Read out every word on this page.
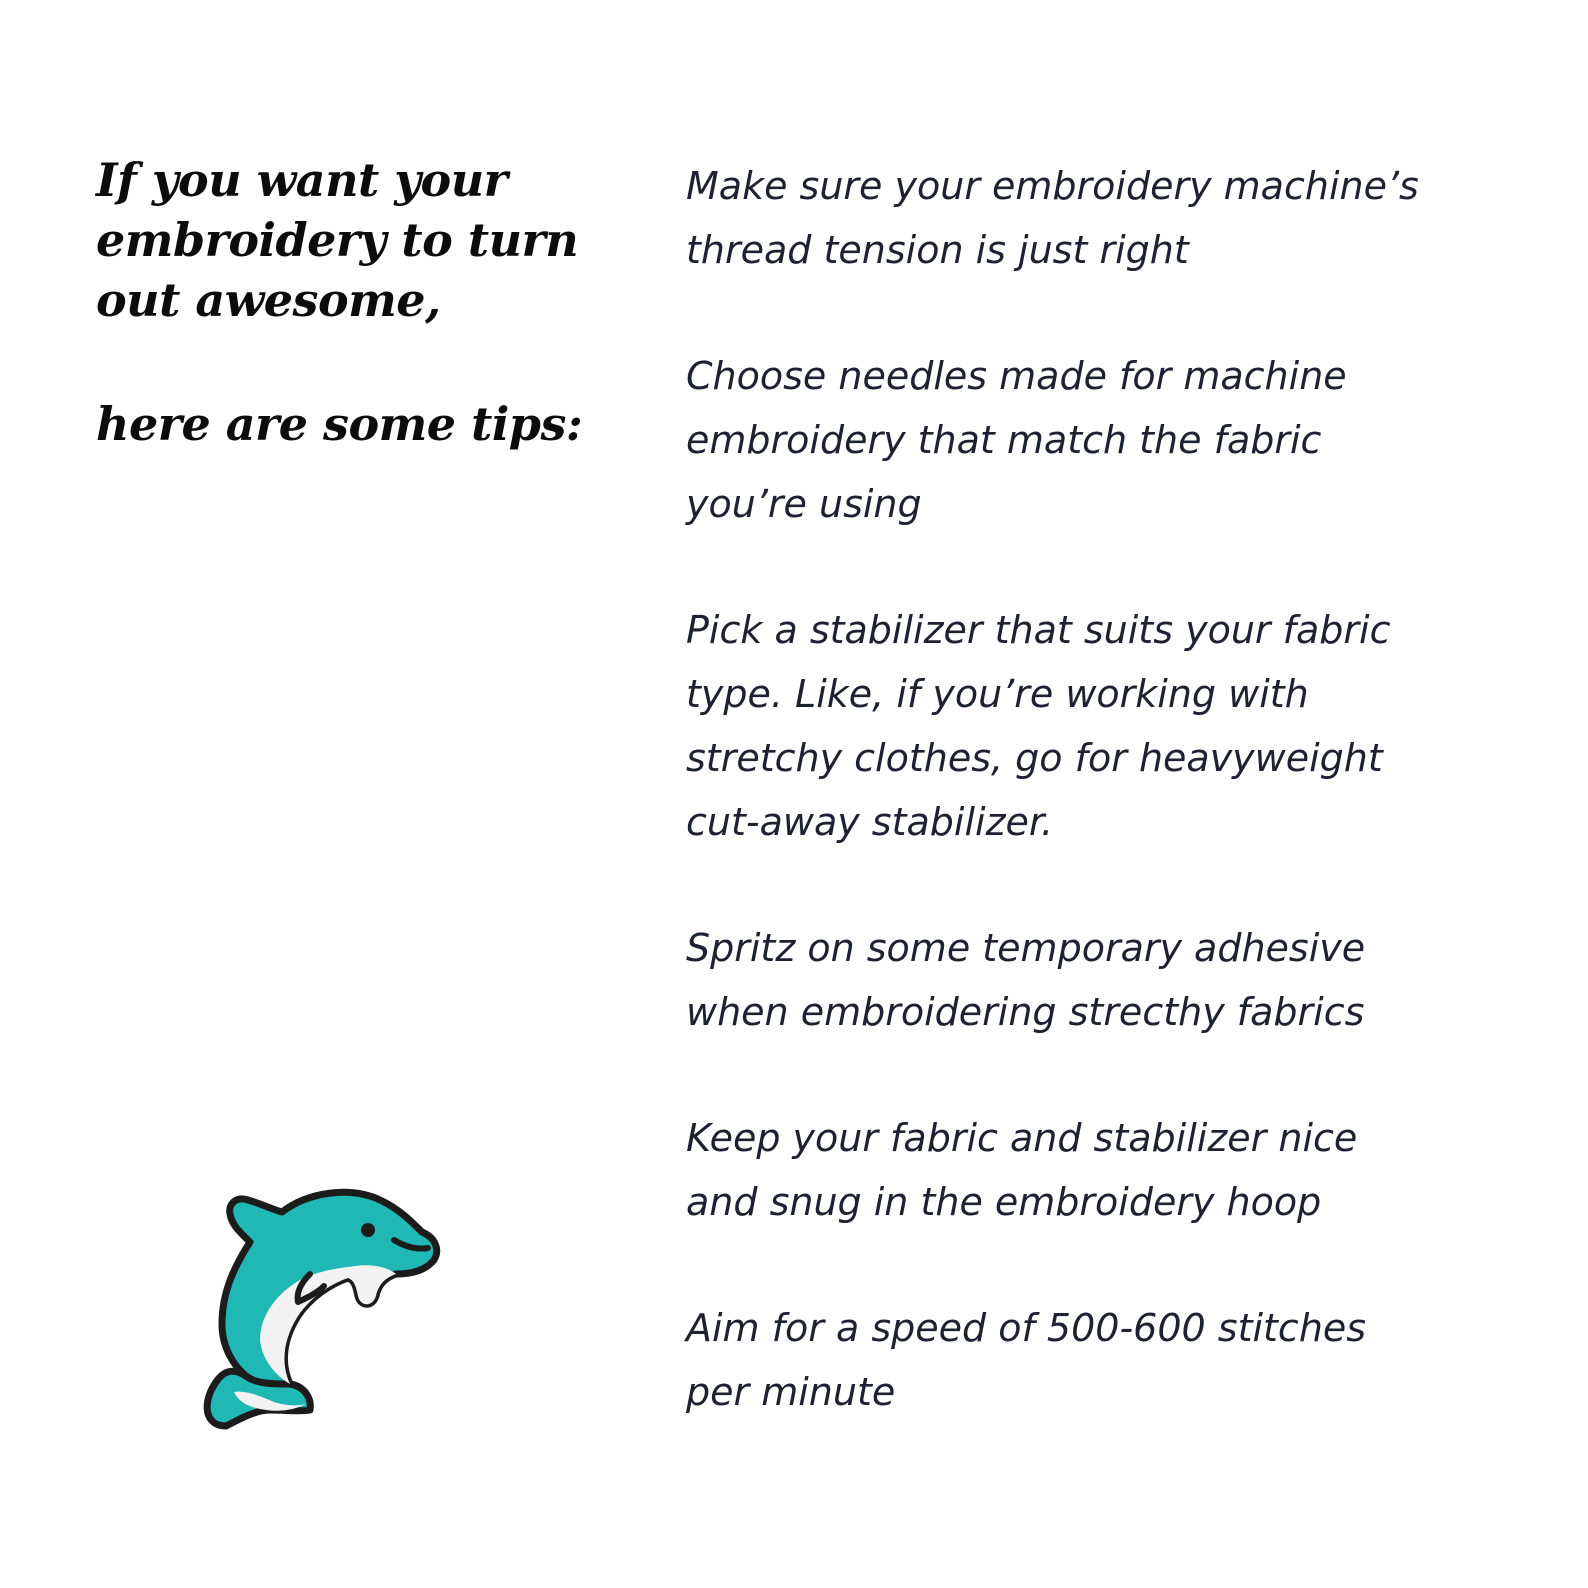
If you want your
embroidery to turn
out awesome,
here are some tips:
Make sure your embroidery machine’s
thread tension is just right
Choose needles made for machine
embroidery that match the fabric
you’re using
Pick a stabilizer that suits your fabric
type. Like, if you’re working with
stretchy clothes, go for heavyweight
cut-away stabilizer.
Spritz on some temporary adhesive
when embroidering strecthy fabrics
Keep your fabric and stabilizer nice
and snug in the embroidery hoop
Aim for a speed of 500-600 stitches
per minute
